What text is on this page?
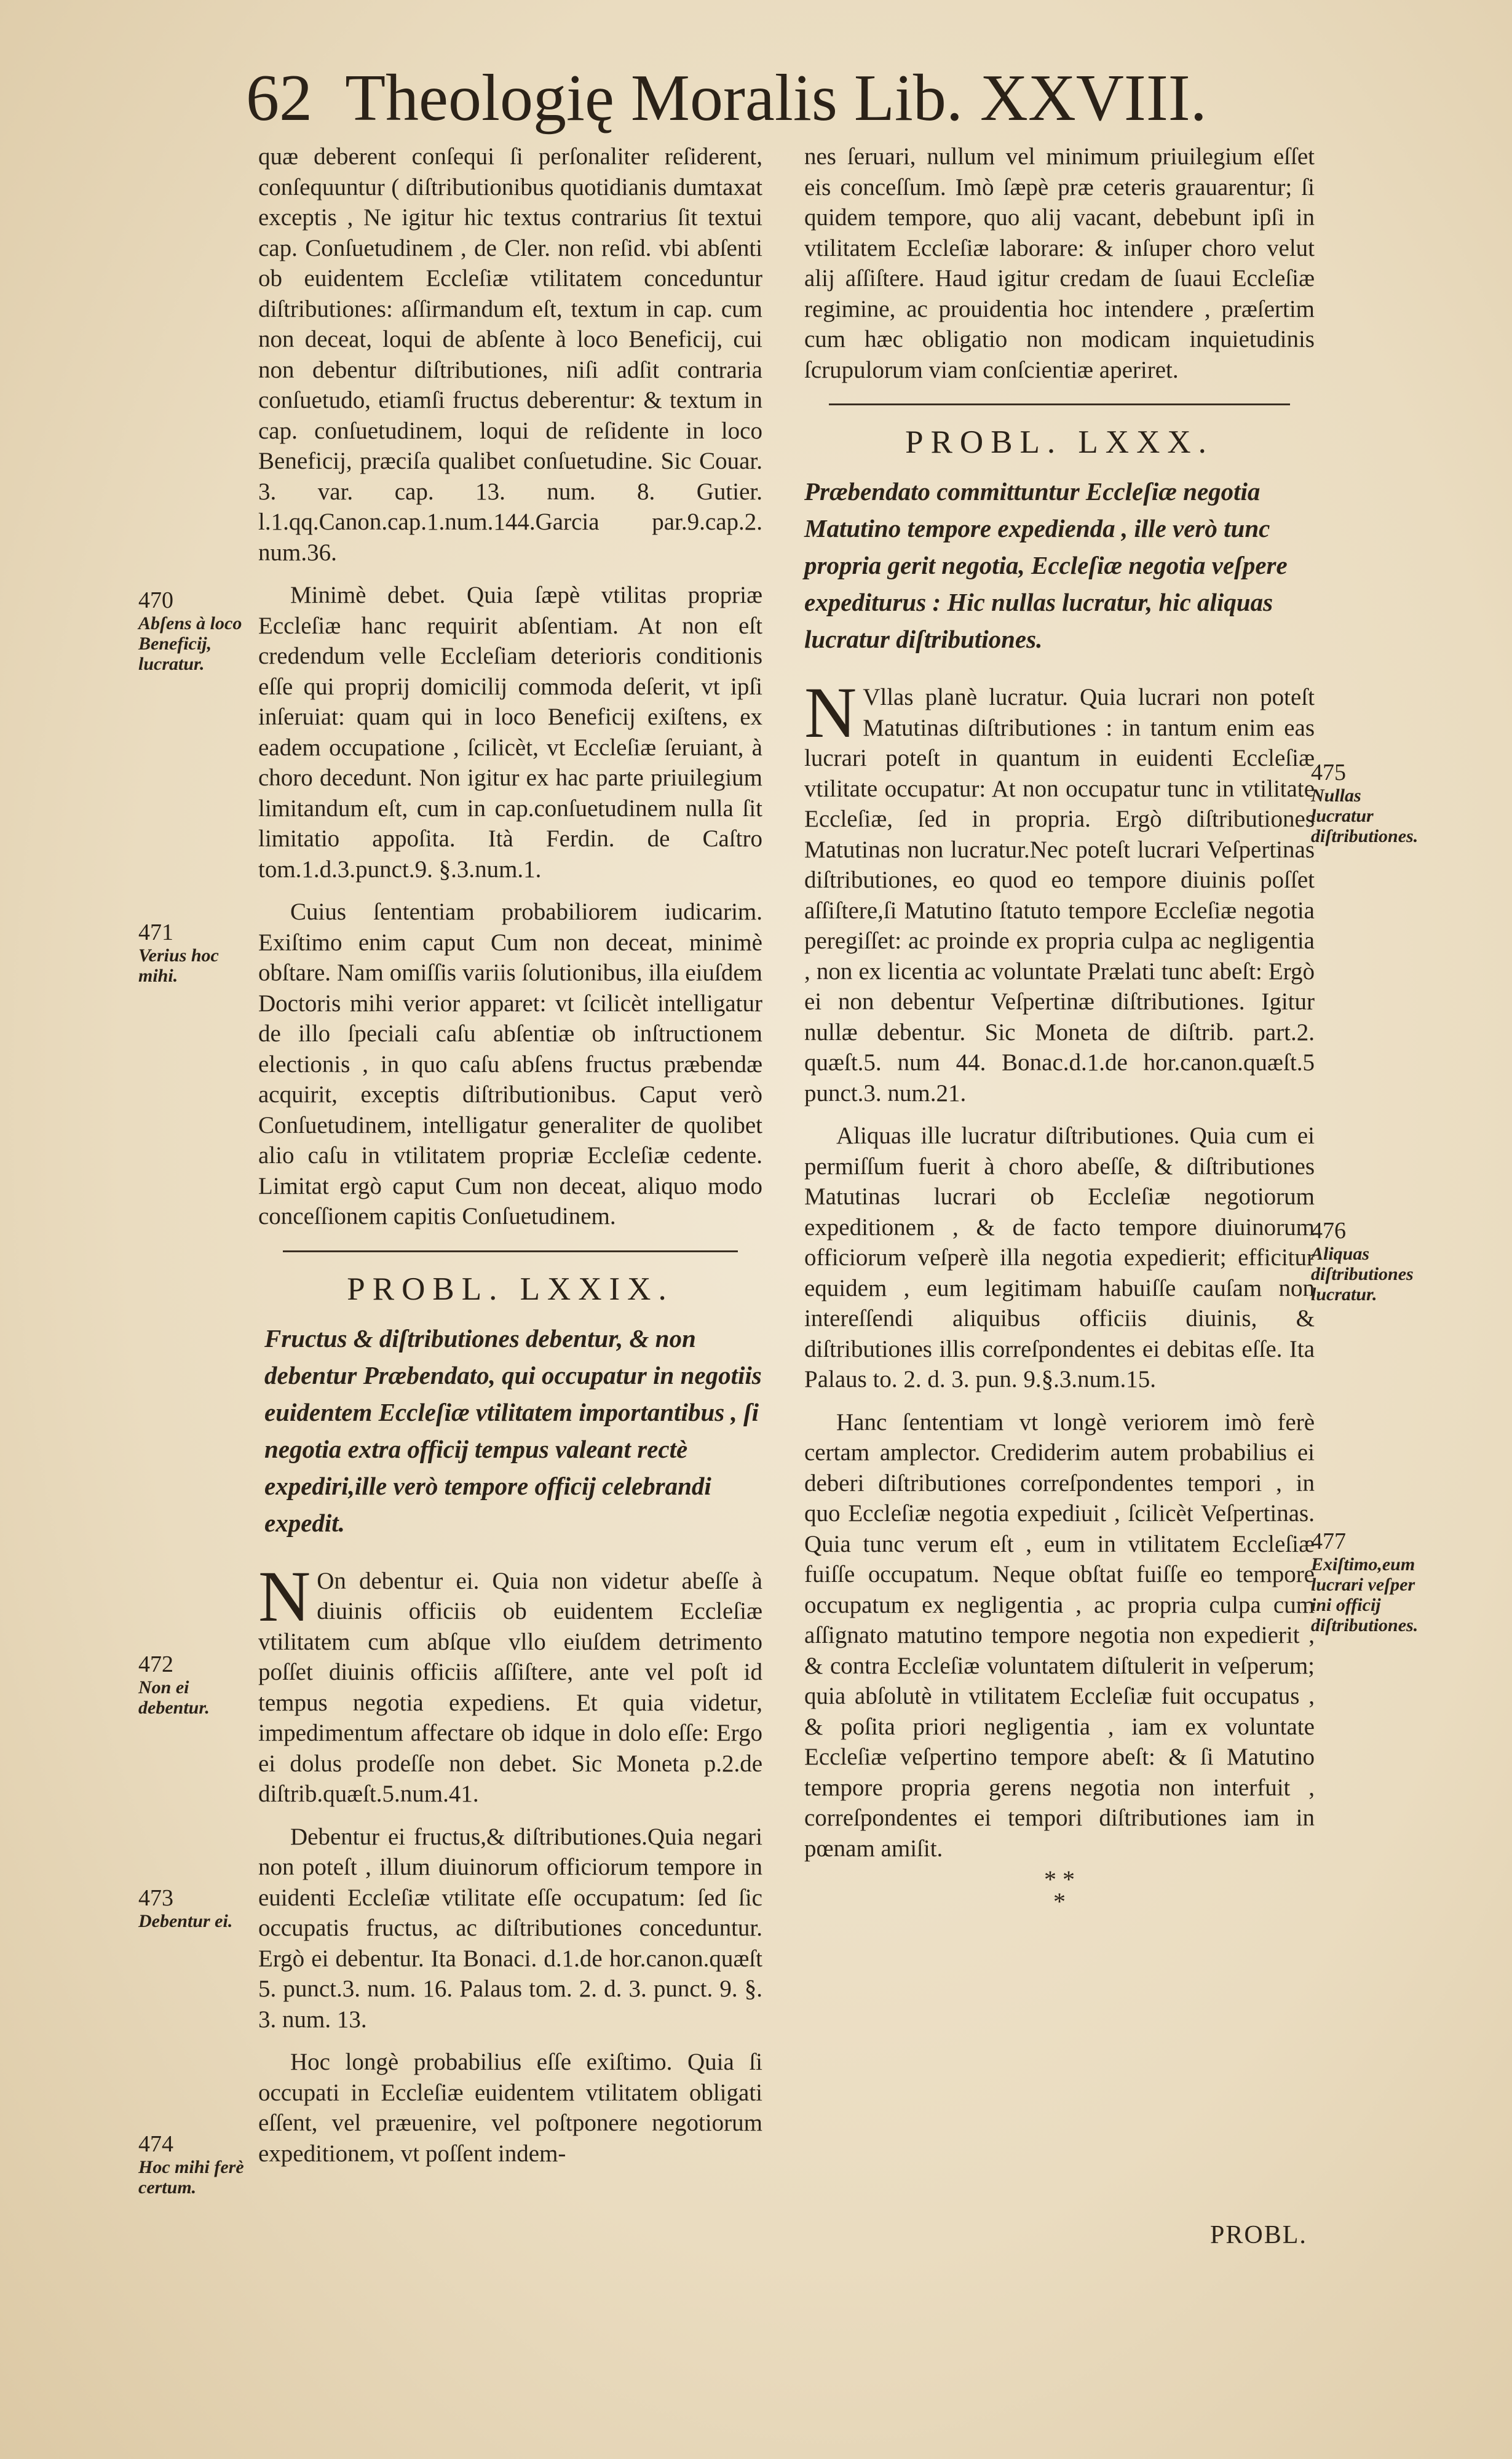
62 Theologię Moralis Lib. XXVIII.

quæ deberent conſequi ſi perſonaliter reſiderent, conſequuntur ( diſtributionibus quotidianis dumtaxat exceptis , Ne igitur hic textus contrarius ſit textui cap. Conſuetudinem , de Cler. non reſid. vbi abſenti ob euidentem Eccleſiæ vtilitatem conceduntur diſtributiones: aſſirmandum eſt, textum in cap. cum non deceat, loqui de abſente à loco Beneficij, cui non debentur diſtributiones, niſi adſit contraria conſuetudo, etiamſi fructus deberentur: & textum in cap. conſuetudinem, loqui de reſidente in loco Beneficij, præciſa qualibet conſuetudine. Sic Couar. 3. var. cap. 13. num. 8. Gutier. l.1.qq.Canon.cap.1.num.144.Garcia par.9.cap.2. num.36.

Minimè debet. Quia ſæpè vtilitas propriæ Eccleſiæ hanc requirit abſentiam. At non eſt credendum velle Eccleſiam deterioris conditionis eſſe qui proprij domicilij commoda deſerit, vt ipſi inſeruiat: quam qui in loco Beneficij exiſtens, ex eadem occupatione , ſcilicèt, vt Eccleſiæ ſeruiant, à choro decedunt. Non igitur ex hac parte priuilegium limitandum eſt, cum in cap.conſuetudinem nulla ſit limitatio appoſita. Ità Ferdin. de Caſtro tom.1.d.3.punct.9. §.3.num.1.

Cuius ſententiam probabiliorem iudicarim. Exiſtimo enim caput Cum non deceat, minimè obſtare. Nam omiſſis variis ſolutionibus, illa eiuſdem Doctoris mihi verior apparet: vt ſcilicèt intelligatur de illo ſpeciali caſu abſentiæ ob inſtructionem electionis , in quo caſu abſens fructus præbendæ acquirit, exceptis diſtributionibus. Caput verò Conſuetudinem, intelligatur generaliter de quolibet alio caſu in vtilitatem propriæ Eccleſiæ cedente. Limitat ergò caput Cum non deceat, aliquo modo conceſſionem capitis Conſuetudinem.

PROBL. LXXIX.

Fructus & diſtributiones debentur, & non debentur Præbendato, qui occupatur in negotiis euidentem Eccleſiæ vtilitatem importantibus , ſi negotia extra officij tempus valeant rectè expediri,ille verò tempore officij celebrandi expedit.

N On debentur ei. Quia non videtur abeſſe à diuinis officiis ob euidentem Eccleſiæ vtilitatem cum abſque vllo eiuſdem detrimento poſſet diuinis officiis aſſiſtere, ante vel poſt id tempus negotia expediens. Et quia videtur, impedimentum affectare ob idque in dolo eſſe: Ergo ei dolus prodeſſe non debet. Sic Moneta p.2.de diſtrib.quæſt.5.num.41.

Debentur ei fructus,& diſtributiones.Quia negari non poteſt , illum diuinorum officiorum tempore in euidenti Eccleſiæ vtilitate eſſe occupatum: ſed ſic occupatis fructus, ac diſtributiones conceduntur. Ergò ei debentur. Ita Bonaci. d.1.de hor.canon.quæſt 5. punct.3. num. 16. Palaus tom. 2. d. 3. punct. 9. §. 3. num. 13.

Hoc longè probabilius eſſe exiſtimo. Quia ſi occupati in Eccleſiæ euidentem vtilitatem obligati eſſent, vel præuenire, vel poſtponere negotiorum expeditionem, vt poſſent indem-

nes ſeruari, nullum vel minimum priuilegium eſſet eis conceſſum. Imò ſæpè præ ceteris grauarentur; ſi quidem tempore, quo alij vacant, debebunt ipſi in vtilitatem Eccleſiæ laborare: & inſuper choro velut alij aſſiſtere. Haud igitur credam de ſuaui Eccleſiæ regimine, ac prouidentia hoc intendere , præſertim cum hæc obligatio non modicam inquietudinis ſcrupulorum viam conſcientiæ aperiret.

PROBL. LXXX.

Præbendato committuntur Eccleſiæ negotia Matutino tempore expedienda , ille verò tunc propria gerit negotia, Eccleſiæ negotia veſpere expediturus : Hic nullas lucratur, hic aliquas lucratur diſtributiones.

N Vllas planè lucratur. Quia lucrari non poteſt Matutinas diſtributiones : in tantum enim eas lucrari poteſt in quantum in euidenti Eccleſiæ vtilitate occupatur: At non occupatur tunc in vtilitate Eccleſiæ, ſed in propria. Ergò diſtributiones Matutinas non lucratur.Nec poteſt lucrari Veſpertinas diſtributiones, eo quod eo tempore diuinis poſſet aſſiſtere,ſi Matutino ſtatuto tempore Eccleſiæ negotia peregiſſet: ac proinde ex propria culpa ac negligentia , non ex licentia ac voluntate Prælati tunc abeſt: Ergò ei non debentur Veſpertinæ diſtributiones. Igitur nullæ debentur. Sic Moneta de diſtrib. part.2. quæſt.5. num 44. Bonac.d.1.de hor.canon.quæſt.5 punct.3. num.21.

Aliquas ille lucratur diſtributiones. Quia cum ei permiſſum fuerit à choro abeſſe, & diſtributiones Matutinas lucrari ob Eccleſiæ negotiorum expeditionem , & de facto tempore diuinorum officiorum veſperè illa negotia expedierit; efficitur equidem , eum legitimam habuiſſe cauſam non intereſſendi aliquibus officiis diuinis, & diſtributiones illis correſpondentes ei debitas eſſe. Ita Palaus to. 2. d. 3. pun. 9.§.3.num.15.

Hanc ſententiam vt longè veriorem imò ferè certam amplector. Crediderim autem probabilius ei deberi diſtributiones correſpondentes tempori , in quo Eccleſiæ negotia expediuit , ſcilicèt Veſpertinas. Quia tunc verum eſt , eum in vtilitatem Eccleſiæ fuiſſe occupatum. Neque obſtat fuiſſe eo tempore occupatum ex negligentia , ac propria culpa cum aſſignato matutino tempore negotia non expedierit , & contra Eccleſiæ voluntatem diſtulerit in veſperum; quia abſolutè in vtilitatem Eccleſiæ fuit occupatus , & poſita priori negligentia , iam ex voluntate Eccleſiæ veſpertino tempore abeſt: & ſi Matutino tempore propria gerens negotia non interfuit , correſpondentes ei tempori diſtributiones iam in pœnam amiſit.

* *
*
470
Abſens à loco Beneficij, lucratur.
471
Verius hoc mihi.
472
Non ei debentur.
473
Debentur ei.
474
Hoc mihi ferè certum.
475
Nullas lucratur diſtributiones.
476
Aliquas diſtributiones lucratur.
477
Exiſtimo,eum lucrari veſper ini officij diſtributiones.
PROBL.
